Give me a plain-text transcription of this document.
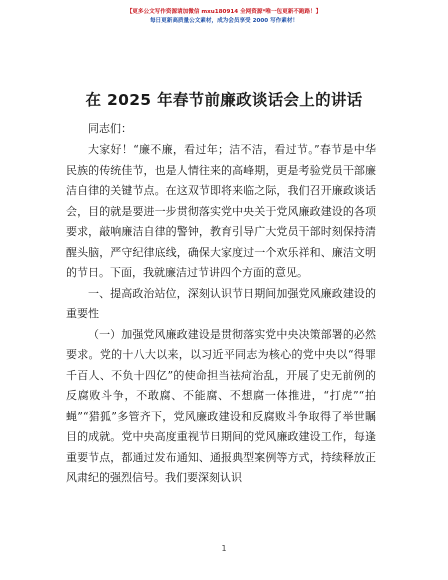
【更多公文写作资源请加微信 mxu180914 全网资源*唯一包更新不跑路！】
每日更新高质量公文素材，成为会员享受 2000 写作素材！
在 2025 年春节前廉政谈话会上的讲话
同志们：

大家好！“廉不廉，看过年；洁不洁，看过节。”春节是中华民族的传统佳节，也是人情往来的高峰期，更是考验党员干部廉洁自律的关键节点。在这双节即将来临之际，我们召开廉政谈话会，目的就是要进一步贯彻落实党中央关于党风廉政建设的各项要求，敲响廉洁自律的警钟，教育引导广大党员干部时刻保持清醒头脑，严守纪律底线，确保大家度过一个欢乐祥和、廉洁文明的节日。下面，我就廉洁过节讲四个方面的意见。

一、提高政治站位，深刻认识节日期间加强党风廉政建设的重要性

（一）加强党风廉政建设是贯彻落实党中央决策部署的必然要求。党的十八大以来，以习近平同志为核心的党中央以“得罪千百人、不负十四亿”的使命担当祛疴治乱，开展了史无前例的反腐败斗争，不敢腐、不能腐、不想腐一体推进，“打虎”“拍蝇”“猎狐”多管齐下，党风廉政建设和反腐败斗争取得了举世瞩目的成就。党中央高度重视节日期间的党风廉政建设工作，每逢重要节点，都通过发布通知、通报典型案例等方式，持续释放正风肃纪的强烈信号。我们要深刻认识

1
